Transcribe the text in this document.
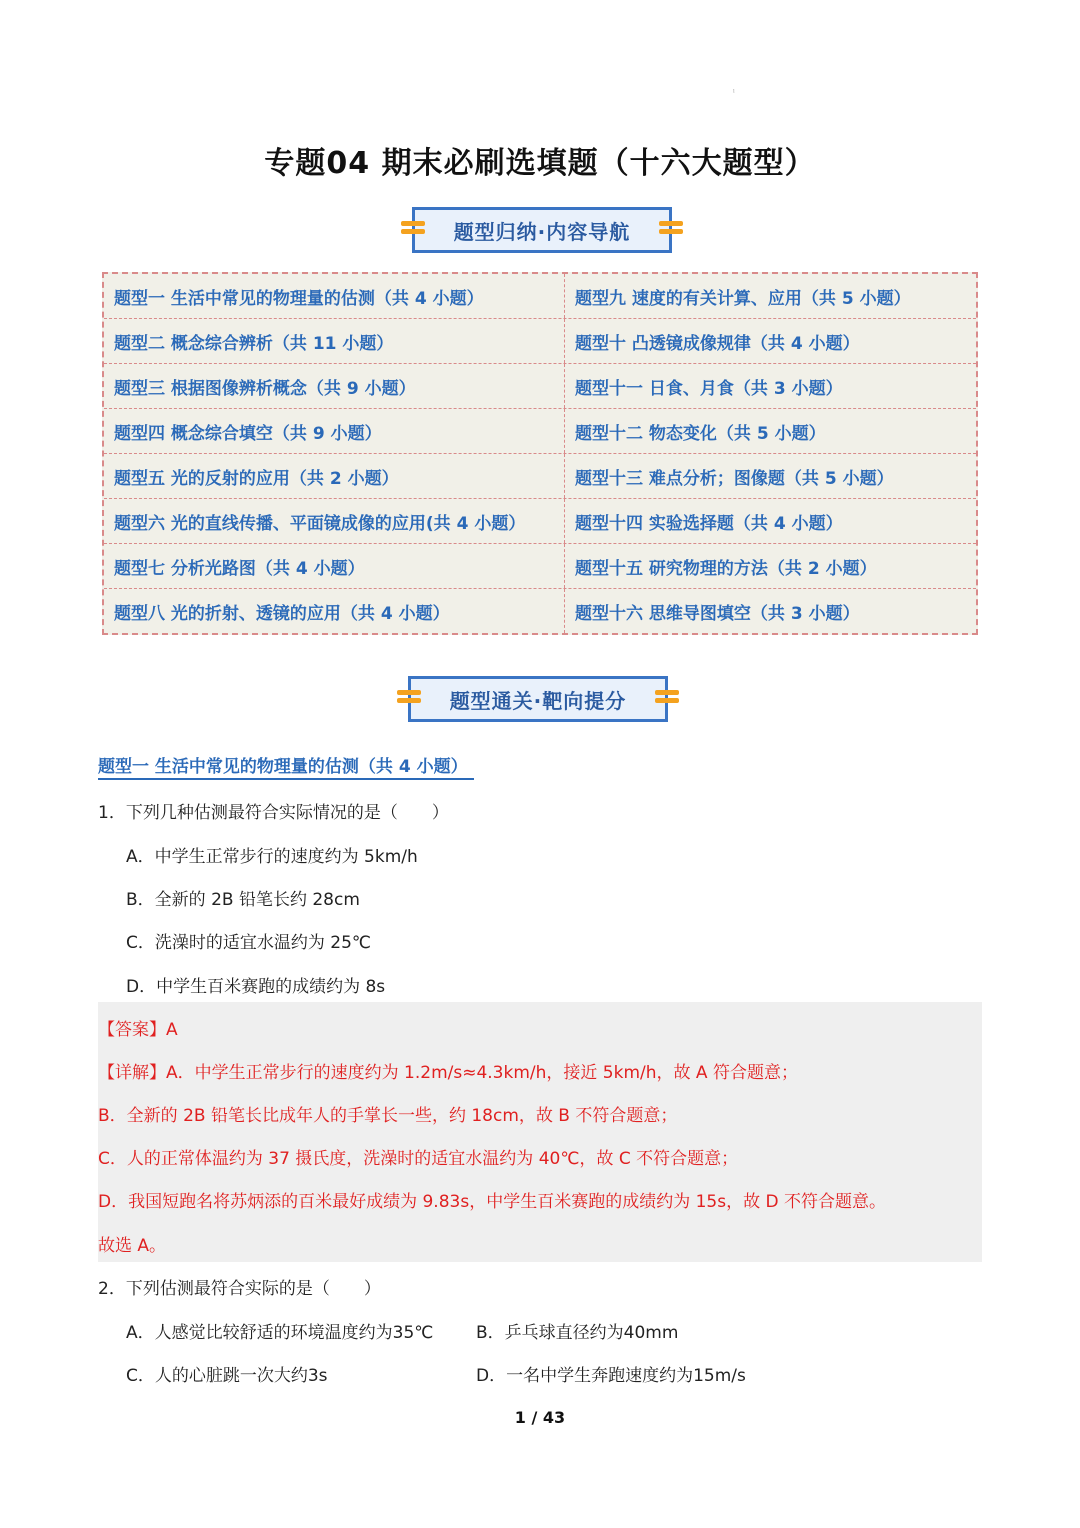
ˡ
专题04 期末必刷选填题（十六大题型）
题型归纳·内容导航
题型一 生活中常见的物理量的估测（共 4 小题）	题型九 速度的有关计算、应用（共 5 小题）
题型二 概念综合辨析（共 11 小题）	题型十 凸透镜成像规律（共 4 小题）
题型三 根据图像辨析概念（共 9 小题）	题型十一 日食、月食（共 3 小题）
题型四 概念综合填空（共 9 小题）	题型十二 物态变化（共 5 小题）
题型五 光的反射的应用（共 2 小题）	题型十三 难点分析；图像题（共 5 小题）
题型六 光的直线传播、平面镜成像的应用(共 4 小题）	题型十四 实验选择题（共 4 小题）
题型七 分析光路图（共 4 小题）	题型十五 研究物理的方法（共 2 小题）
题型八 光的折射、透镜的应用（共 4 小题）	题型十六 思维导图填空（共 3 小题）
题型通关·靶向提分
题型一 生活中常见的物理量的估测（共 4 小题）
1．下列几种估测最符合实际情况的是（　　）
A．中学生正常步行的速度约为 5km/h
B．全新的 2B 铅笔长约 28cm
C．洗澡时的适宜水温约为 25℃
D．中学生百米赛跑的成绩约为 8s
【答案】A
【详解】A．中学生正常步行的速度约为 1.2m/s≈4.3km/h，接近 5km/h，故 A 符合题意；
B．全新的 2B 铅笔长比成年人的手掌长一些，约 18cm，故 B 不符合题意；
C．人的正常体温约为 37 摄氏度，洗澡时的适宜水温约为 40℃，故 C 不符合题意；
D．我国短跑名将苏炳添的百米最好成绩为 9.83s，中学生百米赛跑的成绩约为 15s，故 D 不符合题意。
故选 A。
2．下列估测最符合实际的是（　　）
A．人感觉比较舒适的环境温度约为35℃	B．乒乓球直径约为40mm
C．人的心脏跳一次大约3s	D．一名中学生奔跑速度约为15m/s
1 / 43
